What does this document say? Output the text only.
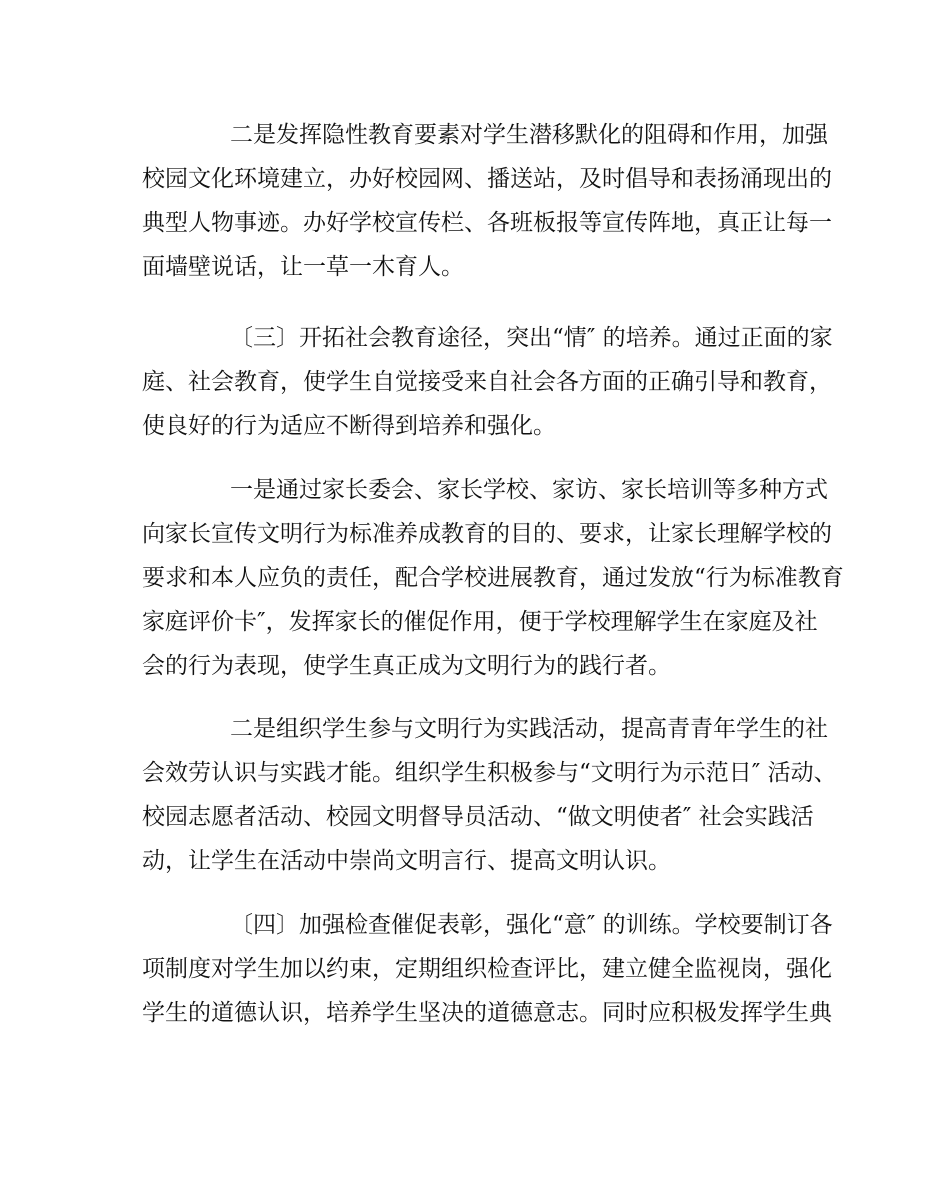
二是发挥隐性教育要素对学生潜移默化的阻碍和作用，加强
校园文化环境建立，办好校园网、播送站，及时倡导和表扬涌现出的
典型人物事迹。办好学校宣传栏、各班板报等宣传阵地，真正让每一
面墙壁说话，让一草一木育人。
〔三〕开拓社会教育途径，突出“情″ 的培养。通过正面的家
庭、社会教育，使学生自觉接受来自社会各方面的正确引导和教育，
使良好的行为适应不断得到培养和强化。
一是通过家长委会、家长学校、家访、家长培训等多种方式
向家长宣传文明行为标准养成教育的目的、要求，让家长理解学校的
要求和本人应负的责任，配合学校进展教育，通过发放“行为标准教育
家庭评价卡″，发挥家长的催促作用，便于学校理解学生在家庭及社
会的行为表现，使学生真正成为文明行为的践行者。
二是组织学生参与文明行为实践活动，提高青青年学生的社
会效劳认识与实践才能。组织学生积极参与“文明行为示范日″ 活动、
校园志愿者活动、校园文明督导员活动、“做文明使者″ 社会实践活
动，让学生在活动中崇尚文明言行、提高文明认识。
〔四〕加强检查催促表彰，强化“意″ 的训练。学校要制订各
项制度对学生加以约束，定期组织检查评比，建立健全监视岗，强化
学生的道德认识，培养学生坚决的道德意志。同时应积极发挥学生典
